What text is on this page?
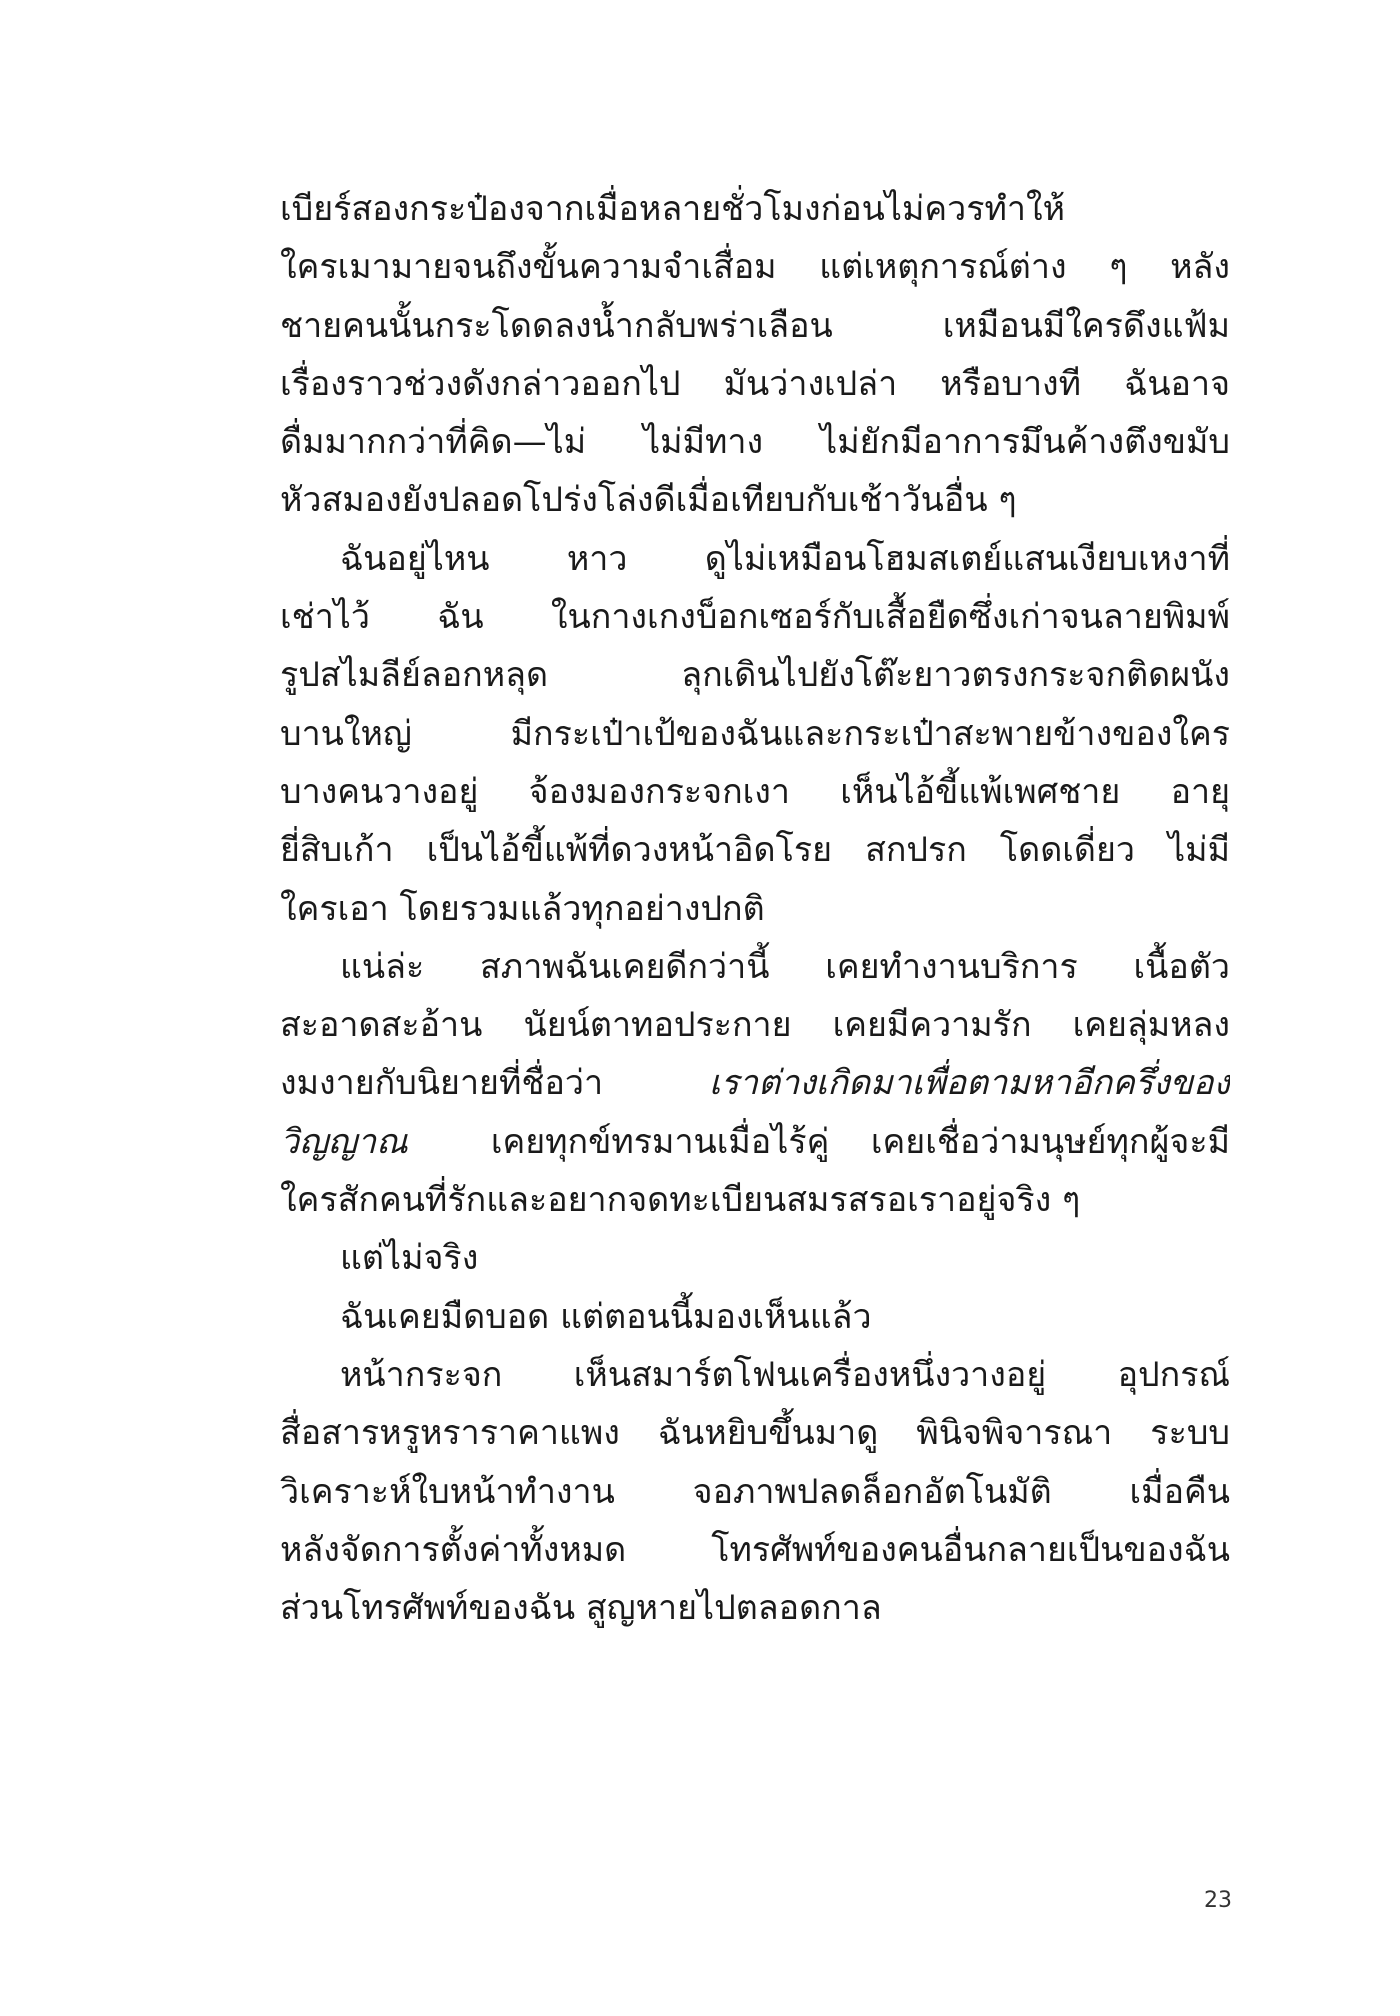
เบียร์สองกระป๋องจากเมื่อหลายชั่วโมงก่อนไม่ควรทำให้
ใครเมามายจนถึงขั้นความจำเสื่อม แต่เหตุการณ์ต่าง ๆ หลัง
ชายคนนั้นกระโดดลงน้ำกลับพร่าเลือน เหมือนมีใครดึงแฟ้ม
เรื่องราวช่วงดังกล่าวออกไป มันว่างเปล่า หรือบางที ฉันอาจ
ดื่มมากกว่าที่คิด—ไม่ ไม่มีทาง ไม่ยักมีอาการมึนค้างตึงขมับ
หัวสมองยังปลอดโปร่งโล่งดีเมื่อเทียบกับเช้าวันอื่น ๆ
ฉันอยู่ไหน หาว ดูไม่เหมือนโฮมสเตย์แสนเงียบเหงาที่
เช่าไว้ ฉัน ในกางเกงบ็อกเซอร์กับเสื้อยืดซึ่งเก่าจนลายพิมพ์
รูปสไมลีย์ลอกหลุด ลุกเดินไปยังโต๊ะยาวตรงกระจกติดผนัง
บานใหญ่ มีกระเป๋าเป้ของฉันและกระเป๋าสะพายข้างของใคร
บางคนวางอยู่ จ้องมองกระจกเงา เห็นไอ้ขี้แพ้เพศชาย อายุ
ยี่สิบเก้า เป็นไอ้ขี้แพ้ที่ดวงหน้าอิดโรย สกปรก โดดเดี่ยว ไม่มี
ใครเอา โดยรวมแล้วทุกอย่างปกติ
แน่ล่ะ สภาพฉันเคยดีกว่านี้ เคยทำงานบริการ เนื้อตัว
สะอาดสะอ้าน นัยน์ตาทอประกาย เคยมีความรัก เคยลุ่มหลง
งมงายกับนิยายที่ชื่อว่า	เราต่างเกิดมาเพื่อตามหาอีกครึ่งของ
วิญญาณ เคยทุกข์ทรมานเมื่อไร้คู่ เคยเชื่อว่ามนุษย์ทุกผู้จะมี
ใครสักคนที่รักและอยากจดทะเบียนสมรสรอเราอยู่จริง ๆ
แต่ไม่จริง
ฉันเคยมืดบอด แต่ตอนนี้มองเห็นแล้ว
หน้ากระจก เห็นสมาร์ตโฟนเครื่องหนึ่งวางอยู่ อุปกรณ์
สื่อสารหรูหราราคาแพง ฉันหยิบขึ้นมาดู พินิจพิจารณา ระบบ
วิเคราะห์ใบหน้าทำงาน จอภาพปลดล็อกอัตโนมัติ เมื่อคืน
หลังจัดการตั้งค่าทั้งหมด โทรศัพท์ของคนอื่นกลายเป็นของฉัน
ส่วนโทรศัพท์ของฉัน สูญหายไปตลอดกาล
23
